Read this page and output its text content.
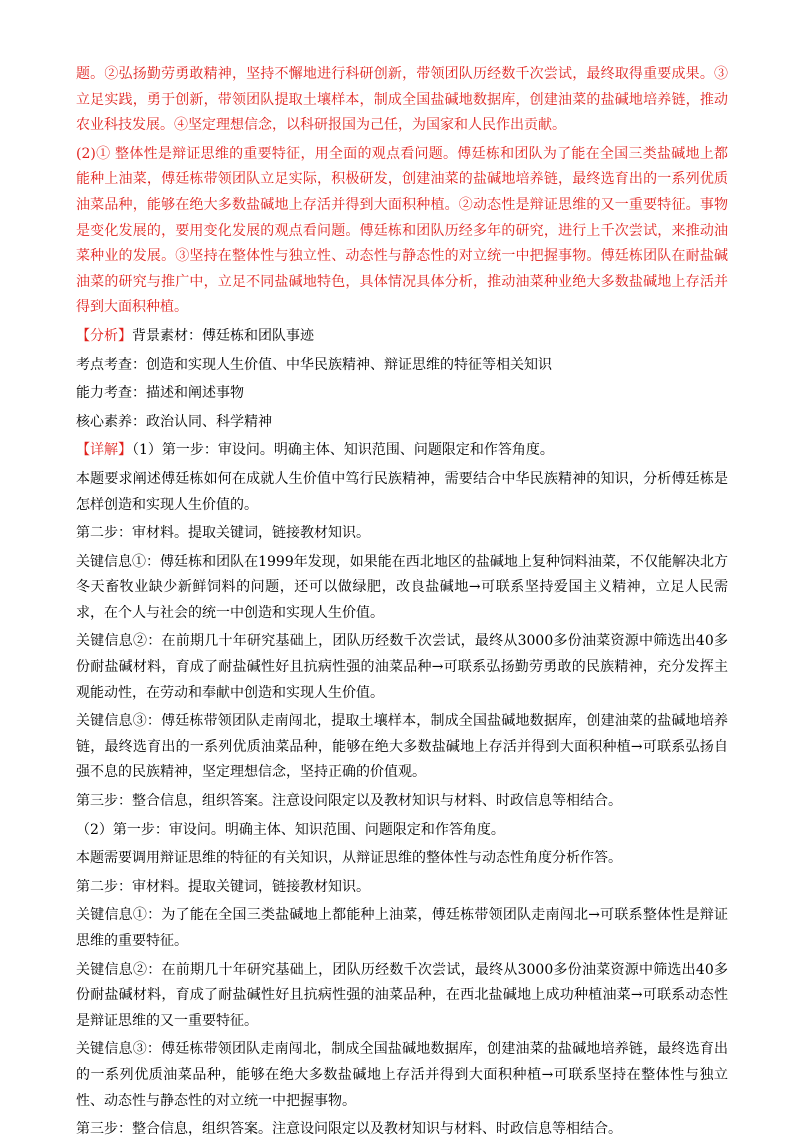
题。②弘扬勤劳勇敢精神，坚持不懈地进行科研创新，带领团队历经数千次尝试，最终取得重要成果。③立足实践，勇于创新，带领团队提取土壤样本，制成全国盐碱地数据库，创建油菜的盐碱地培养链，推动农业科技发展。④坚定理想信念，以科研报国为己任，为国家和人民作出贡献。

(2)① 整体性是辩证思维的重要特征，用全面的观点看问题。傅廷栋和团队为了能在全国三类盐碱地上都能种上油菜，傅廷栋带领团队立足实际，积极研发，创建油菜的盐碱地培养链，最终选育出的一系列优质油菜品种，能够在绝大多数盐碱地上存活并得到大面积种植。②动态性是辩证思维的又一重要特征。事物是变化发展的，要用变化发展的观点看问题。傅廷栋和团队历经多年的研究，进行上千次尝试，来推动油菜种业的发展。③坚持在整体性与独立性、动态性与静态性的对立统一中把握事物。傅廷栋团队在耐盐碱油菜的研究与推广中，立足不同盐碱地特色，具体情况具体分析，推动油菜种业绝大多数盐碱地上存活并得到大面积种植。

【分析】背景素材：傅廷栋和团队事迹

考点考查：创造和实现人生价值、中华民族精神、辩证思维的特征等相关知识

能力考查：描述和阐述事物

核心素养：政治认同、科学精神

【详解】（1）第一步：审设问。明确主体、知识范围、问题限定和作答角度。

本题要求阐述傅廷栋如何在成就人生价值中笃行民族精神，需要结合中华民族精神的知识，分析傅廷栋是怎样创造和实现人生价值的。

第二步：审材料。提取关键词，链接教材知识。

关键信息①：傅廷栋和团队在1999年发现，如果能在西北地区的盐碱地上复种饲料油菜，不仅能解决北方冬天畜牧业缺少新鲜饲料的问题，还可以做绿肥，改良盐碱地→可联系坚持爱国主义精神，立足人民需求，在个人与社会的统一中创造和实现人生价值。

关键信息②：在前期几十年研究基础上，团队历经数千次尝试，最终从3000多份油菜资源中筛选出40多份耐盐碱材料，育成了耐盐碱性好且抗病性强的油菜品种→可联系弘扬勤劳勇敢的民族精神，充分发挥主观能动性，在劳动和奉献中创造和实现人生价值。

关键信息③：傅廷栋带领团队走南闯北，提取土壤样本，制成全国盐碱地数据库，创建油菜的盐碱地培养链，最终选育出的一系列优质油菜品种，能够在绝大多数盐碱地上存活并得到大面积种植→可联系弘扬自强不息的民族精神，坚定理想信念，坚持正确的价值观。

第三步：整合信息，组织答案。注意设问限定以及教材知识与材料、时政信息等相结合。

（2）第一步：审设问。明确主体、知识范围、问题限定和作答角度。

本题需要调用辩证思维的特征的有关知识，从辩证思维的整体性与动态性角度分析作答。

第二步：审材料。提取关键词，链接教材知识。

关键信息①：为了能在全国三类盐碱地上都能种上油菜，傅廷栋带领团队走南闯北→可联系整体性是辩证思维的重要特征。

关键信息②：在前期几十年研究基础上，团队历经数千次尝试，最终从3000多份油菜资源中筛选出40多份耐盐碱材料，育成了耐盐碱性好且抗病性强的油菜品种，在西北盐碱地上成功种植油菜→可联系动态性是辩证思维的又一重要特征。

关键信息③：傅廷栋带领团队走南闯北，制成全国盐碱地数据库，创建油菜的盐碱地培养链，最终选育出的一系列优质油菜品种，能够在绝大多数盐碱地上存活并得到大面积种植→可联系坚持在整体性与独立性、动态性与静态性的对立统一中把握事物。

第三步：整合信息，组织答案。注意设问限定以及教材知识与材料、时政信息等相结合。
